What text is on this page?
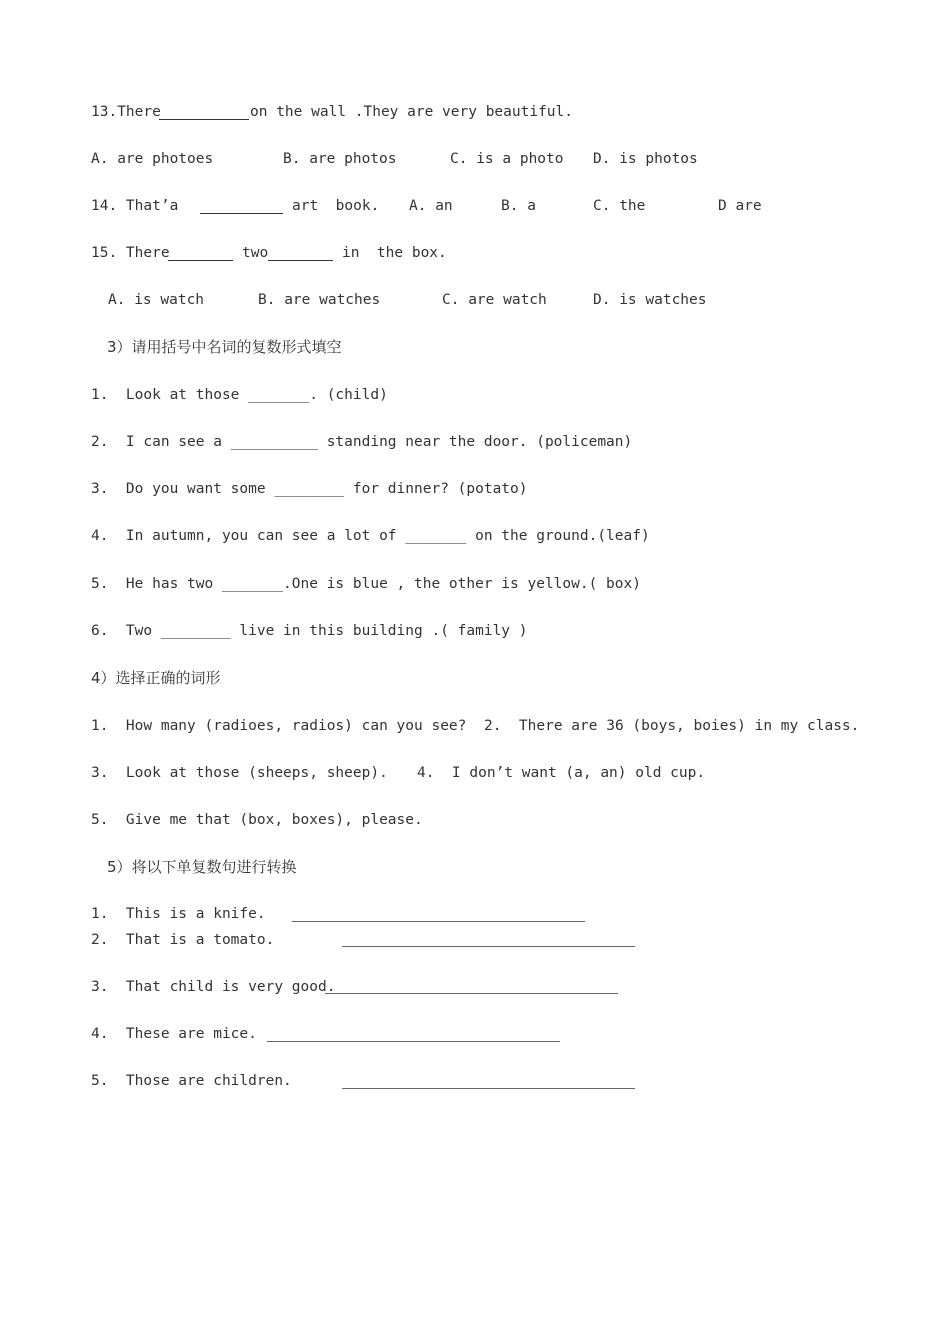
13.There

	on the wall .They are very beautiful.

A. are photoes

	B. are photos

	C. is a photo

D. is photos

14. That’a

	art  book.

A. an

	B. a

	C. the

	D are

15. There

	two

	in  the box.

A. is watch

	B. are watches

	C. are watch

	D. is watches

3）请用括号中名词的复数形式填空
1.  Look at those _______. (child)
2.  I can see a __________ standing near the door. (policeman)
3.  Do you want some ________ for dinner? (potato)
4.  In autumn, you can see a lot of _______ on the ground.(leaf)
5.  He has two _______.One is blue , the other is yellow.( box)
6.  Two ________ live in this building .( family )
4）选择正确的词形
1.  How many (radioes, radios) can you see? 2.  There are 36 (boys, boies) in my class.
3.  Look at those (sheeps, sheep). 4.  I don’t want (a, an) old cup.
5.  Give me that (box, boxes), please.
5）将以下单复数句进行转换
1.  This is a knife.
2.  That is a tomato.
3.  That child is very good.
4.  These are mice.
5.  Those are children.
